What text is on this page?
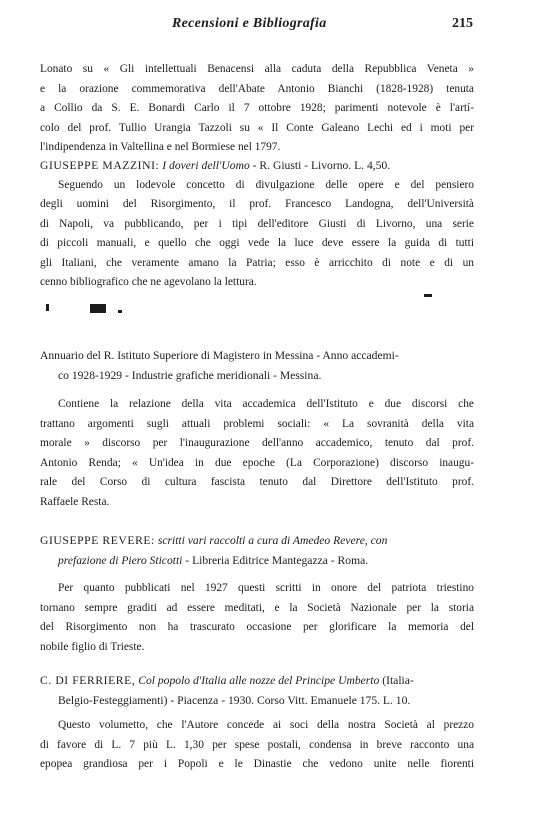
Recensioni e Bibliografia	215
Lonato su « Gli intellettuali Benacensi alla caduta della Repubblica Veneta »
e la orazione commemorativa dell'Abate Antonio Bianchi (1828-1928) tenuta
a Collio da S. E. Bonardi Carlo il 7 ottobre 1928; parimenti notevole è l'artí-
colo del prof. Tullio Urangia Tazzoli su « Il Conte Galeano Lechi ed i moti per
l'indipendenza in Valtellina e nel Bormiese nel 1797.
GIUSEPPE MAZZINI: I doveri dell'Uomo - R. Giusti - Livorno. L. 4,50.
Seguendo un lodevole concetto di divulgazione delle opere e del pensiero
degli uomini del Risorgimento, il prof. Francesco Landogna, dell'Università
di Napoli, va pubblicando, per i tipi dell'editore Giusti di Livorno, una serie
di piccoli manuali, e quello che oggi vede la luce deve essere la guida di tutti
gli Italiani, che veramente amano la Patria; esso è arricchito di note e di un
cenno bibliografico che ne agevolano la lettura.
Annuario del R. Istituto Superiore di Magistero in Messina - Anno accademi-
co 1928-1929 - Industrie grafiche meridionali - Messina.
Contiene la relazione della vita accademica dell'Istituto e due discorsi che
trattano argomenti sugli attuali problemi sociali: « La sovranità della vita
morale » discorso per l'inaugurazione dell'anno accademico, tenuto dal prof.
Antonio Renda; « Un'idea in due epoche (La Corporazione) discorso inaugu-
rale del Corso di cultura fascista tenuto dal Direttore dell'Istituto prof.
Raffaele Resta.
GIUSEPPE REVERE: scritti vari raccolti a cura di Amedeo Revere, con
prefazione di Piero Sticotti - Libreria Editrice Mantegazza - Roma.
Per quanto pubblicati nel 1927 questi scritti in onore del patriota triestino
tornano sempre graditi ad essere meditati, e la Società Nazionale per la storia
del Risorgimento non ha trascurato occasione per glorificare la memoria del
nobile figlio di Trieste.
C. DI FERRIERE, Col popolo d'Italia alle nozze del Principe Umberto (Italia-
Belgio-Festeggiamenti) - Piacenza - 1930. Corso Vitt. Emanuele 175. L. 10.
Questo volumetto, che l'Autore concede ai soci della nostra Società al prezzo
di favore di L. 7 più L. 1,30 per spese postali, condensa in breve racconto una
epopea grandiosa per i Popoli e le Dinastie che vedono unite nelle fiorenti
